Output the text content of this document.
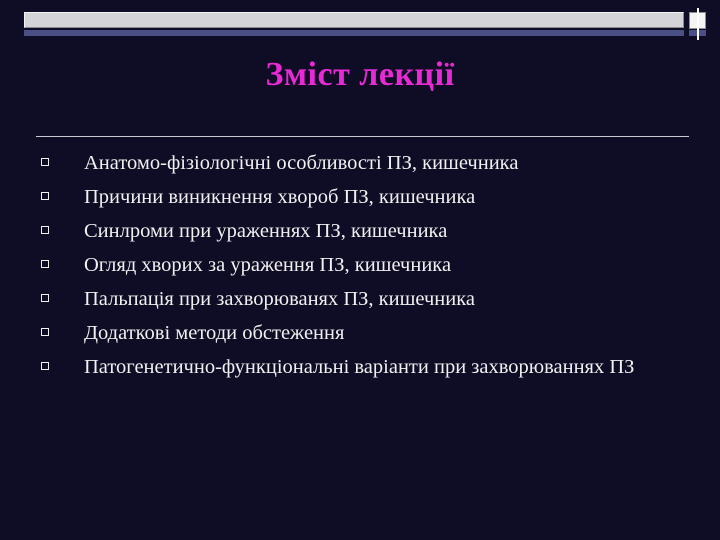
Зміст лекції
Анатомо-фізіологічні особливості ПЗ, кишечника
Причини виникнення хвороб ПЗ, кишечника
Синлроми при ураженнях ПЗ, кишечника
Огляд хворих за ураження ПЗ, кишечника
Пальпація при захворюванях ПЗ, кишечника
Додаткові методи обстеження
Патогенетично-функціональні варіанти при захворюваннях ПЗ
